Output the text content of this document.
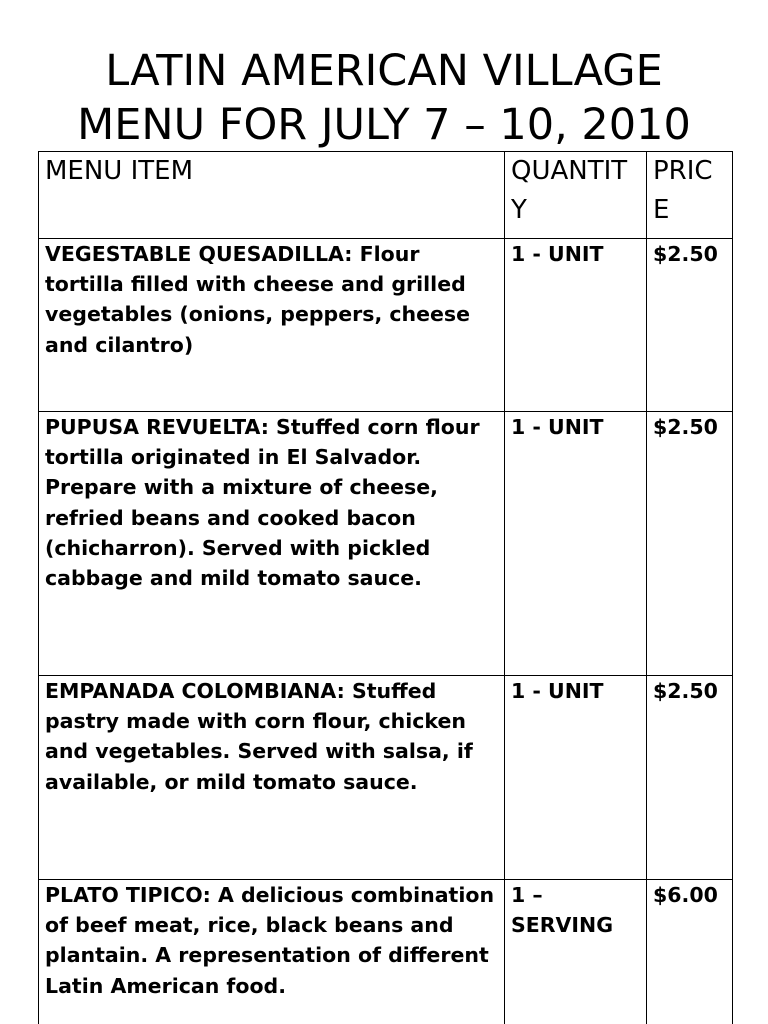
LATIN AMERICAN VILLAGE
MENU FOR JULY 7 – 10, 2010
MENU ITEM	QUANTITY	PRICE
VEGESTABLE QUESADILLA: Flour tortilla filled with cheese and grilled vegetables (onions, peppers, cheese and cilantro)	1 - UNIT	$2.50
PUPUSA REVUELTA: Stuffed corn flour tortilla originated in El Salvador. Prepare with a mixture of cheese, refried beans and cooked bacon (chicharron). Served with pickled cabbage and mild tomato sauce.	1 - UNIT	$2.50
EMPANADA COLOMBIANA: Stuffed pastry made with corn flour, chicken and vegetables. Served with salsa, if available, or mild tomato sauce.	1 - UNIT	$2.50
PLATO TIPICO: A delicious combination of beef meat, rice, black beans and plantain. A representation of different Latin American food.	1 – SERVING	$6.00
